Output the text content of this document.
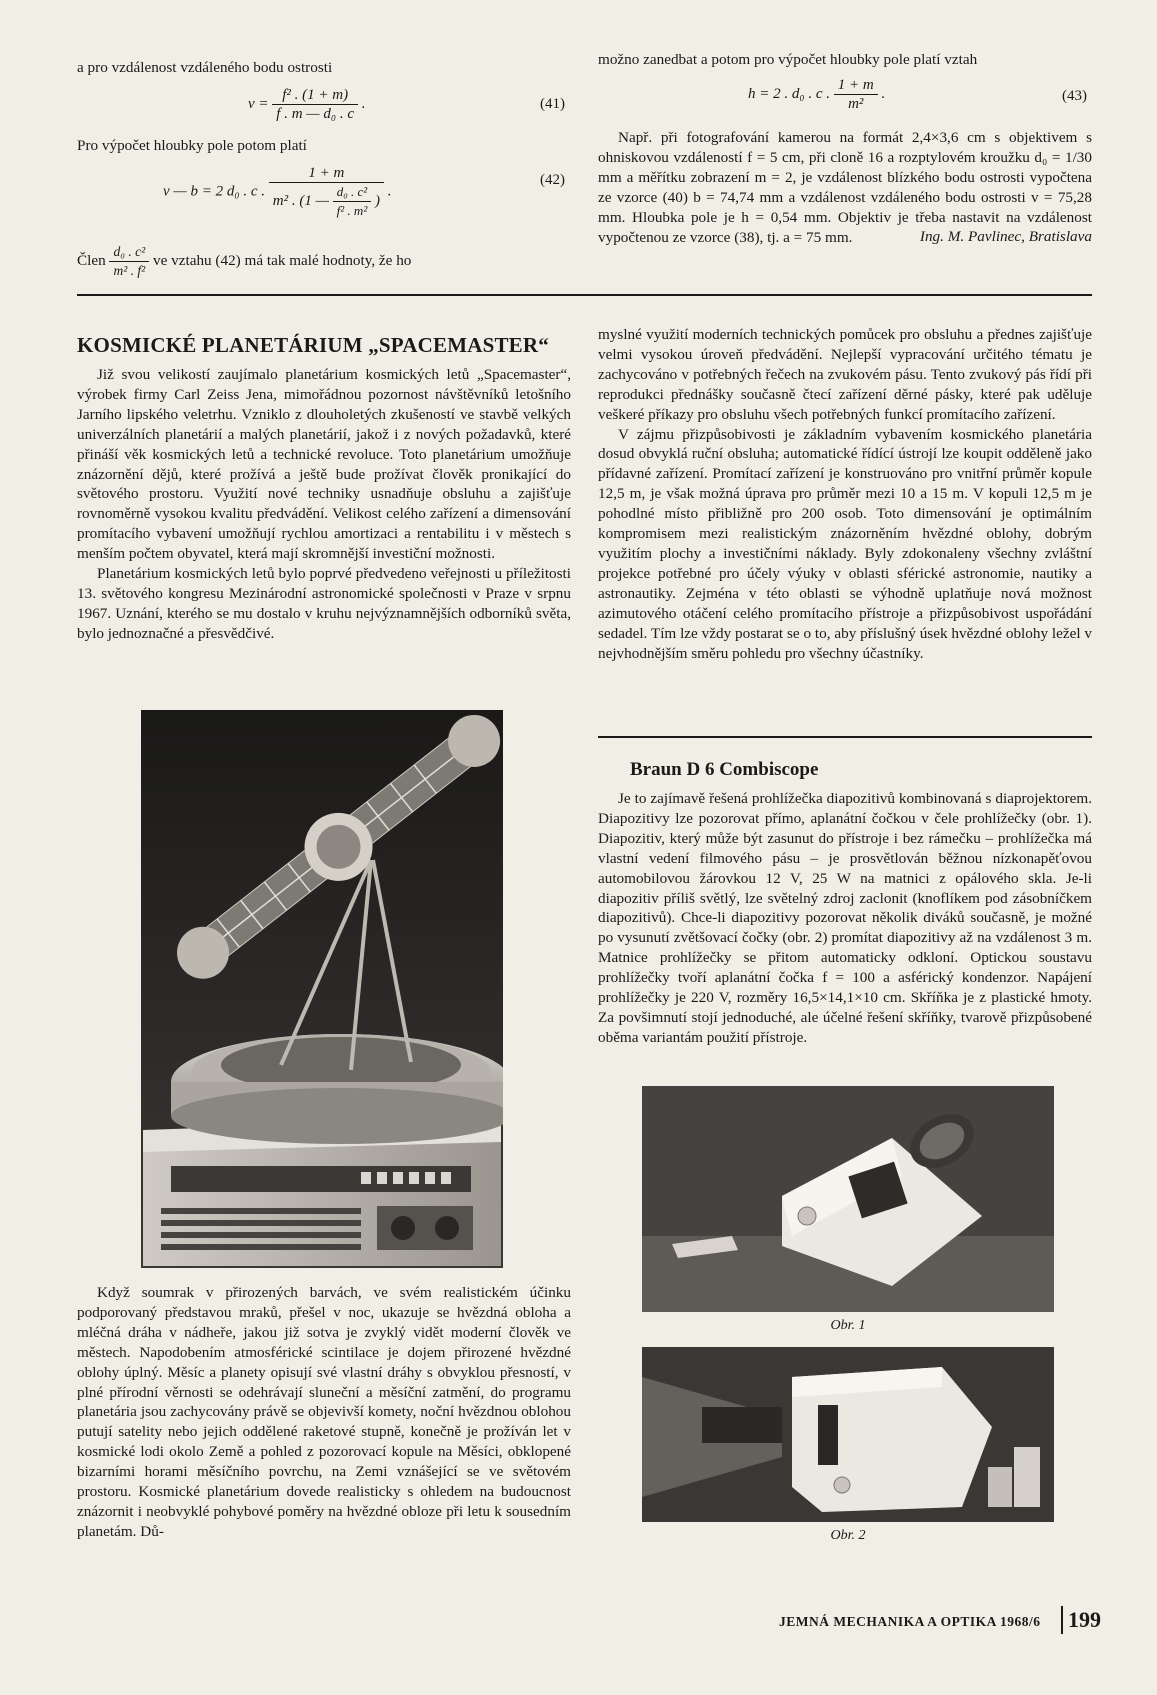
a pro vzdálenost vzdáleného bodu ostrosti

$v = \frac{\text{f² . (1 + m)}}{\text{f . m — d₀ . c}}$ .	(41)

Pro výpočet hloubky pole potom platí

v — b = 2 d₀ . c . $\frac{1 + m}{m^2 . (1 — \frac{\text{d₀ . c²}}{\text{f² . m²}} )}$ .
(42)
Člen $\frac{\text{d₀ . c²}}{\text{m² . f²}}$ ve vztahu (42) má tak malé hodnoty, že ho

možno zanedbat a potom pro výpočet hloubky pole platí vztah

h = 2 . d₀ . c . $\frac{1 + m}{\text{m²}}$ .	(43)

Např. při fotografování kamerou na formát 2,4×3,6 cm s objektivem s ohniskovou vzdáleností f = 5 cm, při cloně 16 a rozptylovém kroužku d₀ = 1/30 mm a měřítku zobrazení m = 2, je vzdálenost blízkého bodu ostrosti vypočtena ze vzorce (40) b = 74,74 mm a vzdálenost vzdáleného bodu ostrosti v = 75,28 mm. Hloubka pole je h = 0,54 mm. Objektiv je třeba nastavit na vzdálenost vypočtenou ze vzorce (38), tj. a = 75 mm.	Ing. M. Pavlinec, Bratislava
KOSMICKÉ PLANETÁRIUM „SPACEMASTER“

Již svou velikostí zaujímalo planetárium kosmických letů „Spacemaster“, výrobek firmy Carl Zeiss Jena, mimořádnou pozornost návštěvníků letošního Jarního lipského veletrhu. Vzniklo z dlouholetých zkušeností ve stavbě velkých univerzálních planetárií a malých planetárií, jakož i z nových požadavků, které přináší věk kosmických letů a technické revoluce. Toto planetárium umožňuje znázornění dějů, které prožívá a ještě bude prožívat člověk pronikající do světového prostoru. Využití nové techniky usnadňuje obsluhu a zajišťuje rovnoměrně vysokou kvalitu předvádění. Velikost celého zařízení a dimensování promítacího vybavení umožňují rychlou amortizaci a rentabilitu i v městech s menším počtem obyvatel, která mají skromnější investiční možnosti.

Planetárium kosmických letů bylo poprvé předvedeno veřejnosti u příležitosti 13. světového kongresu Mezinárodní astronomické společnosti v Praze v srpnu 1967. Uznání, kterého se mu dostalo v kruhu nejvýznamnějších odborníků světa, bylo jednoznačné a přesvědčivé.

Když soumrak v přirozených barvách, ve svém realistickém účinku podporovaný představou mraků, přešel v noc, ukazuje se hvězdná obloha a mléčná dráha v nádheře, jakou již sotva je zvyklý vidět moderní člověk ve městech. Napodobením atmosférické scintilace je dojem přirozené hvězdné oblohy úplný. Měsíc a planety opisují své vlastní dráhy s obvyklou přesností, v plné přírodní věrnosti se odehrávají sluneční a měsíční zatmění, do programu planetária jsou zachycovány právě se objevivší komety, noční hvězdnou oblohou putují satelity nebo jejich oddělené raketové stupně, konečně je prožíván let v kosmické lodi okolo Země a pohled z pozorovací kopule na Měsíci, obklopené bizarními horami měsíčního povrchu, na Zemi vznášející se ve světovém prostoru. Kosmické planetárium dovede realisticky s ohledem na budoucnost znázornit i neobvyklé pohybové poměry na hvězdné obloze při letu k sousedním planetám. Dů-

myslné využití moderních technických pomůcek pro obsluhu a přednes zajišťuje velmi vysokou úroveň předvádění. Nejlepší vypracování určitého tématu je zachycováno v potřebných řečech na zvukovém pásu. Tento zvukový pás řídí při reprodukci přednášky současně čtecí zařízení děrné pásky, které pak uděluje veškeré příkazy pro obsluhu všech potřebných funkcí promítacího zařízení.

V zájmu přizpůsobivosti je základním vybavením kosmického planetária dosud obvyklá ruční obsluha; automatické řídící ústrojí lze koupit odděleně jako přídavné zařízení. Promítací zařízení je konstruováno pro vnitřní průměr kopule 12,5 m, je však možná úprava pro průměr mezi 10 a 15 m. V kopuli 12,5 m je pohodlné místo přibližně pro 200 osob. Toto dimensování je optimálním kompromisem mezi realistickým znázorněním hvězdné oblohy, dobrým využitím plochy a investičními náklady. Byly zdokonaleny všechny zvláštní projekce potřebné pro účely výuky v oblasti sférické astronomie, nautiky a astronautiky. Zejména v této oblasti se výhodně uplatňuje nová možnost azimutového otáčení celého promítacího přístroje a přizpůsobivost uspořádání sedadel. Tím lze vždy postarat se o to, aby příslušný úsek hvězdné oblohy ležel v nejvhodnějším směru pohledu pro všechny účastníky.

Braun D 6 Combiscope

Je to zajímavě řešená prohlížečka diapozitivů kombinovaná s diaprojektorem. Diapozitivy lze pozorovat přímo, aplanátní čočkou v čele prohlížečky (obr. 1). Diapozitiv, který může být zasunut do přístroje i bez rámečku – prohlížečka má vlastní vedení filmového pásu – je prosvětlován běžnou nízkonapěťovou automobilovou žárovkou 12 V, 25 W na matnici z opálového skla. Je-li diapozitiv příliš světlý, lze světelný zdroj zaclonit (knoflíkem pod zásobníčkem diapozitivů). Chce-li diapozitivy pozorovat několik diváků současně, je možné po vysunutí zvětšovací čočky (obr. 2) promítat diapozitivy až na vzdálenost 3 m. Matnice prohlížečky se přitom automaticky odkloní. Optickou soustavu prohlížečky tvoří aplanátní čočka f = 100 a asférický kondenzor. Napájení prohlížečky je 220 V, rozměry 16,5×14,1×10 cm. Skříňka je z plastické hmoty. Za povšimnutí stojí jednoduché, ale účelné řešení skříňky, tvarově přizpůsobené oběma variantám použití přístroje.

Obr. 1
Obr. 2
JEMNÁ MECHANIKA A OPTIKA 1968/6 199
